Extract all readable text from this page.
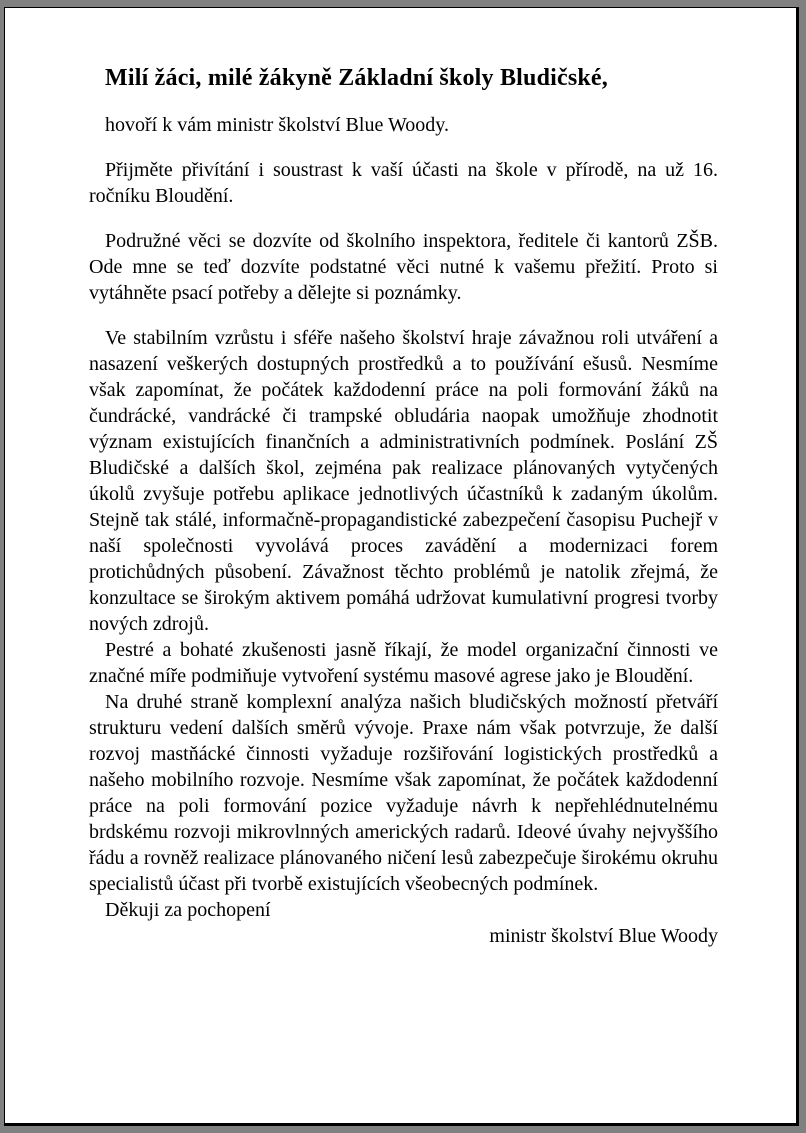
Milí žáci, milé žákyně Základní školy Bludičské,

hovoří k vám ministr školství Blue Woody.

Přijměte přivítání i soustrast k vaší účasti na škole v přírodě, na už 16. ročníku Bloudění.

Podružné věci se dozvíte od školního inspektora, ředitele či kantorů ZŠB. Ode mne se teď dozvíte podstatné věci nutné k vašemu přežití. Proto si vytáhněte psací potřeby a dělejte si poznámky.

Ve stabilním vzrůstu i sféře našeho školství hraje závažnou roli utváření a nasazení veškerých dostupných prostředků a to používání ešusů. Nesmíme však zapomínat, že počátek každodenní práce na poli formování žáků na čundrácké, vandrácké či trampské obludária naopak umožňuje zhodnotit význam existujících finančních a administrativních podmínek. Poslání ZŠ Bludičské a dalších škol, zejména pak realizace plánovaných vytyčených úkolů zvyšuje potřebu aplikace jednotlivých účastníků k zadaným úkolům. Stejně tak stálé, informačně-propagandistické zabezpečení časopisu Puchejř v naší společnosti vyvolává proces zavádění a modernizaci forem protichůdných působení. Závažnost těchto problémů je natolik zřejmá, že konzultace se širokým aktivem pomáhá udržovat kumulativní progresi tvorby nových zdrojů.

Pestré a bohaté zkušenosti jasně říkají, že model organizační činnosti ve značné míře podmiňuje vytvoření systému masové agrese jako je Bloudění.

Na druhé straně komplexní analýza našich bludičských možností přetváří strukturu vedení dalších směrů vývoje. Praxe nám však potvrzuje, že další rozvoj mastňácké činnosti vyžaduje rozšiřování logistických prostředků a našeho mobilního rozvoje. Nesmíme však zapomínat, že počátek každodenní práce na poli formování pozice vyžaduje návrh k nepřehlédnutelnému brdskému rozvoji mikrovlnných amerických radarů. Ideové úvahy nejvyššího řádu a rovněž realizace plánovaného ničení lesů zabezpečuje širokému okruhu specialistů účast při tvorbě existujících všeobecných podmínek.

Děkuji za pochopení

ministr školství Blue Woody
